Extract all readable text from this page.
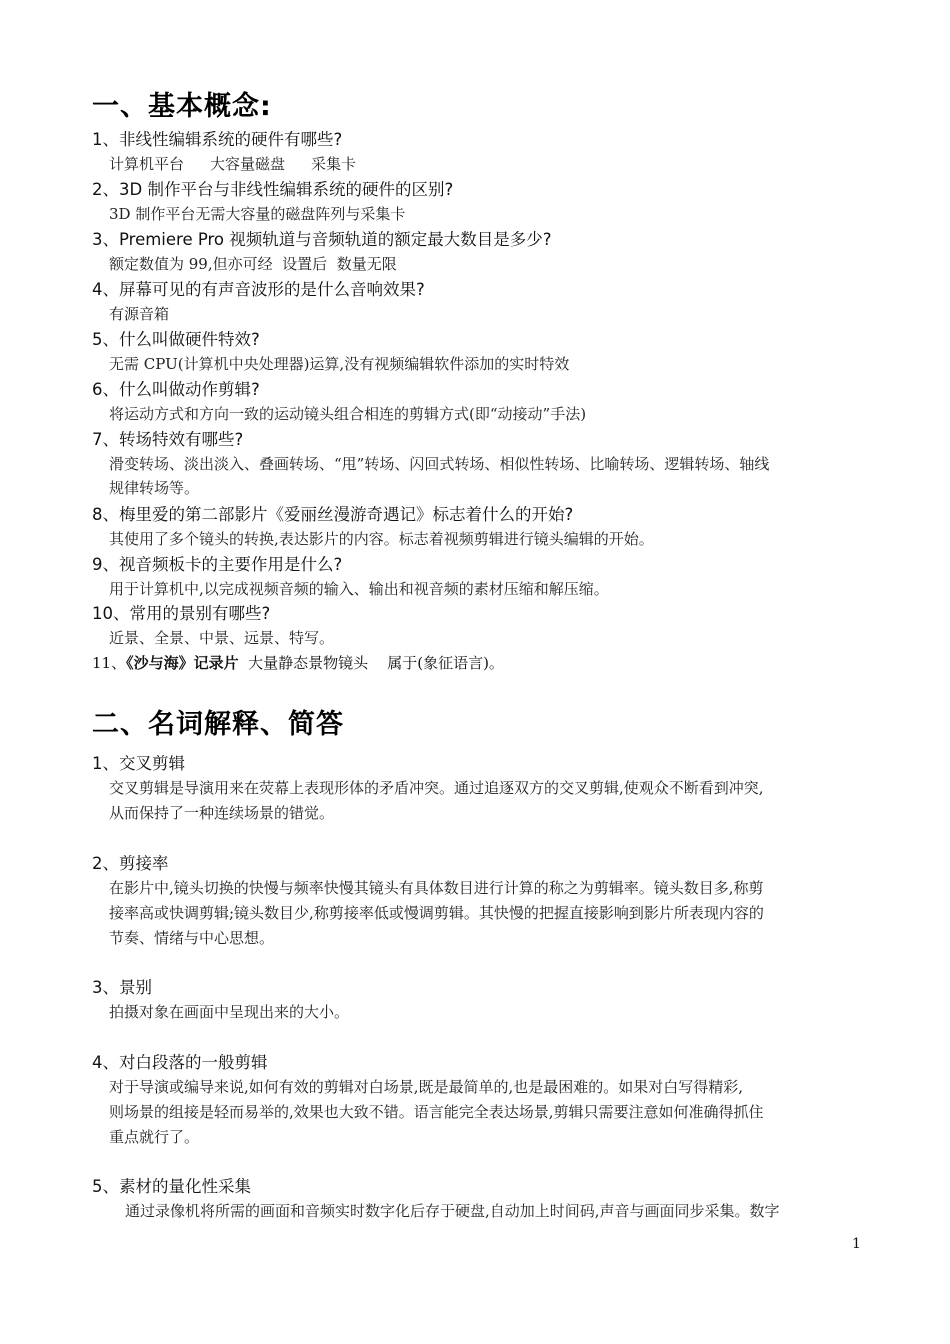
一、基本概念:
1、非线性编辑系统的硬件有哪些?
计算机平台 大容量磁盘 采集卡
2、3D 制作平台与非线性编辑系统的硬件的区别?
3D 制作平台无需大容量的磁盘阵列与采集卡
3、Premiere Pro 视频轨道与音频轨道的额定最大数目是多少?
额定数值为 99,但亦可经  设置后  数量无限
4、屏幕可见的有声音波形的是什么音响效果?
有源音箱
5、什么叫做硬件特效?
无需 CPU(计算机中央处理器)运算,没有视频编辑软件添加的实时特效
6、什么叫做动作剪辑?
将运动方式和方向一致的运动镜头组合相连的剪辑方式(即“动接动”手法)
7、转场特效有哪些?
滑变转场、淡出淡入、叠画转场、“甩”转场、闪回式转场、相似性转场、比喻转场、逻辑转场、轴线
规律转场等。
8、梅里爱的第二部影片《爱丽丝漫游奇遇记》标志着什么的开始?
其使用了多个镜头的转换,表达影片的内容。标志着视频剪辑进行镜头编辑的开始。
9、视音频板卡的主要作用是什么?
用于计算机中,以完成视频音频的输入、输出和视音频的素材压缩和解压缩。
10、常用的景别有哪些?
近景、全景、中景、远景、特写。
11、《沙与海》记录片  大量静态景物镜头    属于(象征语言)。
二、名词解释、简答
1、交叉剪辑
交叉剪辑是导演用来在荧幕上表现形体的矛盾冲突。通过追逐双方的交叉剪辑,使观众不断看到冲突,
从而保持了一种连续场景的错觉。
2、剪接率
在影片中,镜头切换的快慢与频率快慢其镜头有具体数目进行计算的称之为剪辑率。镜头数目多,称剪
接率高或快调剪辑;镜头数目少,称剪接率低或慢调剪辑。其快慢的把握直接影响到影片所表现内容的
节奏、情绪与中心思想。
3、景别
拍摄对象在画面中呈现出来的大小。
4、对白段落的一般剪辑
对于导演或编导来说,如何有效的剪辑对白场景,既是最简单的,也是最困难的。如果对白写得精彩,
则场景的组接是轻而易举的,效果也大致不错。语言能完全表达场景,剪辑只需要注意如何准确得抓住
重点就行了。
5、素材的量化性采集
通过录像机将所需的画面和音频实时数字化后存于硬盘,自动加上时间码,声音与画面同步采集。数字
1
